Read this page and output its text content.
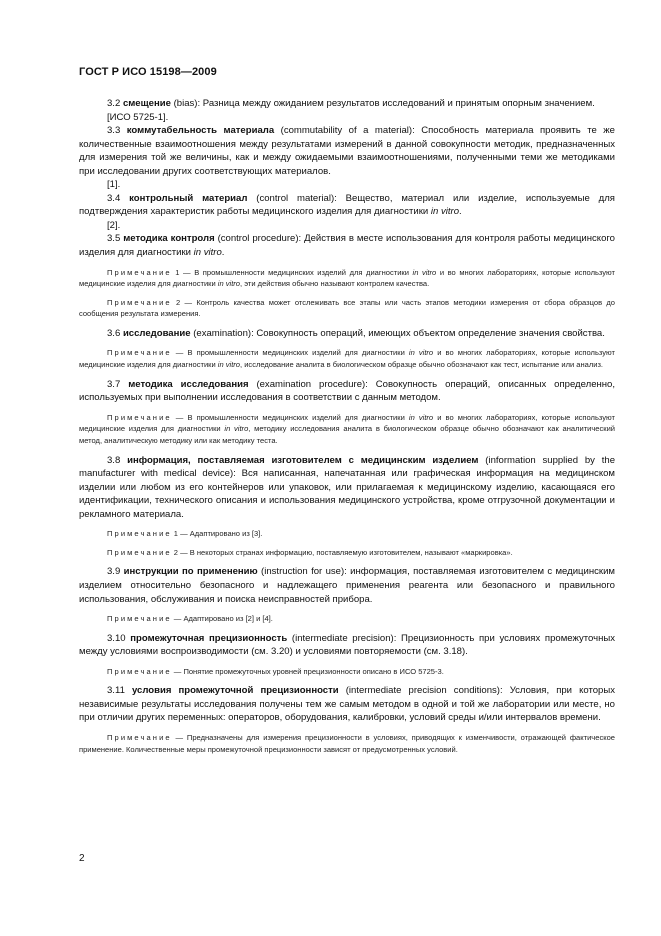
ГОСТ Р ИСО 15198—2009

3.2 смещение (bias): Разница между ожиданием результатов исследований и принятым опорным значением.

[ИСО 5725-1].

3.3 коммутабельность материала (commutability of a material): Способность материала проявить те же количественные взаимоотношения между результатами измерений в данной совокупности методик, предназначенных для измерения той же величины, как и между ожидаемыми взаимоотношениями, полученными теми же методиками при исследовании других соответствующих материалов.

[1].

3.4 контрольный материал (control material): Вещество, материал или изделие, используемые для подтверждения характеристик работы медицинского изделия для диагностики in vitro.

[2].

3.5 методика контроля (control procedure): Действия в месте использования для контроля работы медицинского изделия для диагностики in vitro.

Примечание 1 — В промышленности медицинских изделий для диагностики in vitro и во многих лабораториях, которые используют медицинские изделия для диагностики in vitro, эти действия обычно называют контролем качества.

Примечание 2 — Контроль качества может отслеживать все этапы или часть этапов методики измерения от сбора образцов до сообщения результата измерения.

3.6 исследование (examination): Совокупность операций, имеющих объектом определение значения свойства.

Примечание — В промышленности медицинских изделий для диагностики in vitro и во многих лабораториях, которые используют медицинские изделия для диагностики in vitro, исследование аналита в биологическом образце обычно обозначают как тест, испытание или анализ.

3.7 методика исследования (examination procedure): Совокупность операций, описанных определенно, используемых при выполнении исследования в соответствии с данным методом.

Примечание — В промышленности медицинских изделий для диагностики in vitro и во многих лабораториях, которые используют медицинские изделия для диагностики in vitro, методику исследования аналита в биологическом образце обычно обозначают как аналитический метод, аналитическую методику или как методику теста.

3.8 информация, поставляемая изготовителем с медицинским изделием (information supplied by the manufacturer with medical device): Вся написанная, напечатанная или графическая информация на медицинском изделии или любом из его контейнеров или упаковок, или прилагаемая к медицинскому изделию, касающаяся его идентификации, технического описания и использования медицинского устройства, кроме отгрузочной документации и рекламного материала.

Примечание 1 — Адаптировано из [3].

Примечание 2 — В некоторых странах информацию, поставляемую изготовителем, называют «маркировка».

3.9 инструкции по применению (instruction for use): информация, поставляемая изготовителем с медицинским изделием относительно безопасного и надлежащего применения реагента или безопасного и правильного использования, обслуживания и поиска неисправностей прибора.

Примечание — Адаптировано из [2] и [4].

3.10 промежуточная прецизионность (intermediate precision): Прецизионность при условиях промежуточных между условиями воспроизводимости (см. 3.20) и условиями повторяемости (см. 3.18).

Примечание — Понятие промежуточных уровней прецизионности описано в ИСО 5725-3.

3.11 условия промежуточной прецизионности (intermediate precision conditions): Условия, при которых независимые результаты исследования получены тем же самым методом в одной и той же лаборатории или месте, но при отличии других переменных: операторов, оборудования, калибровки, условий среды и/или интервалов времени.

Примечание — Предназначены для измерения прецизионности в условиях, приводящих к изменчивости, отражающей фактическое применение. Количественные меры промежуточной прецизионности зависят от предусмотренных условий.

2
